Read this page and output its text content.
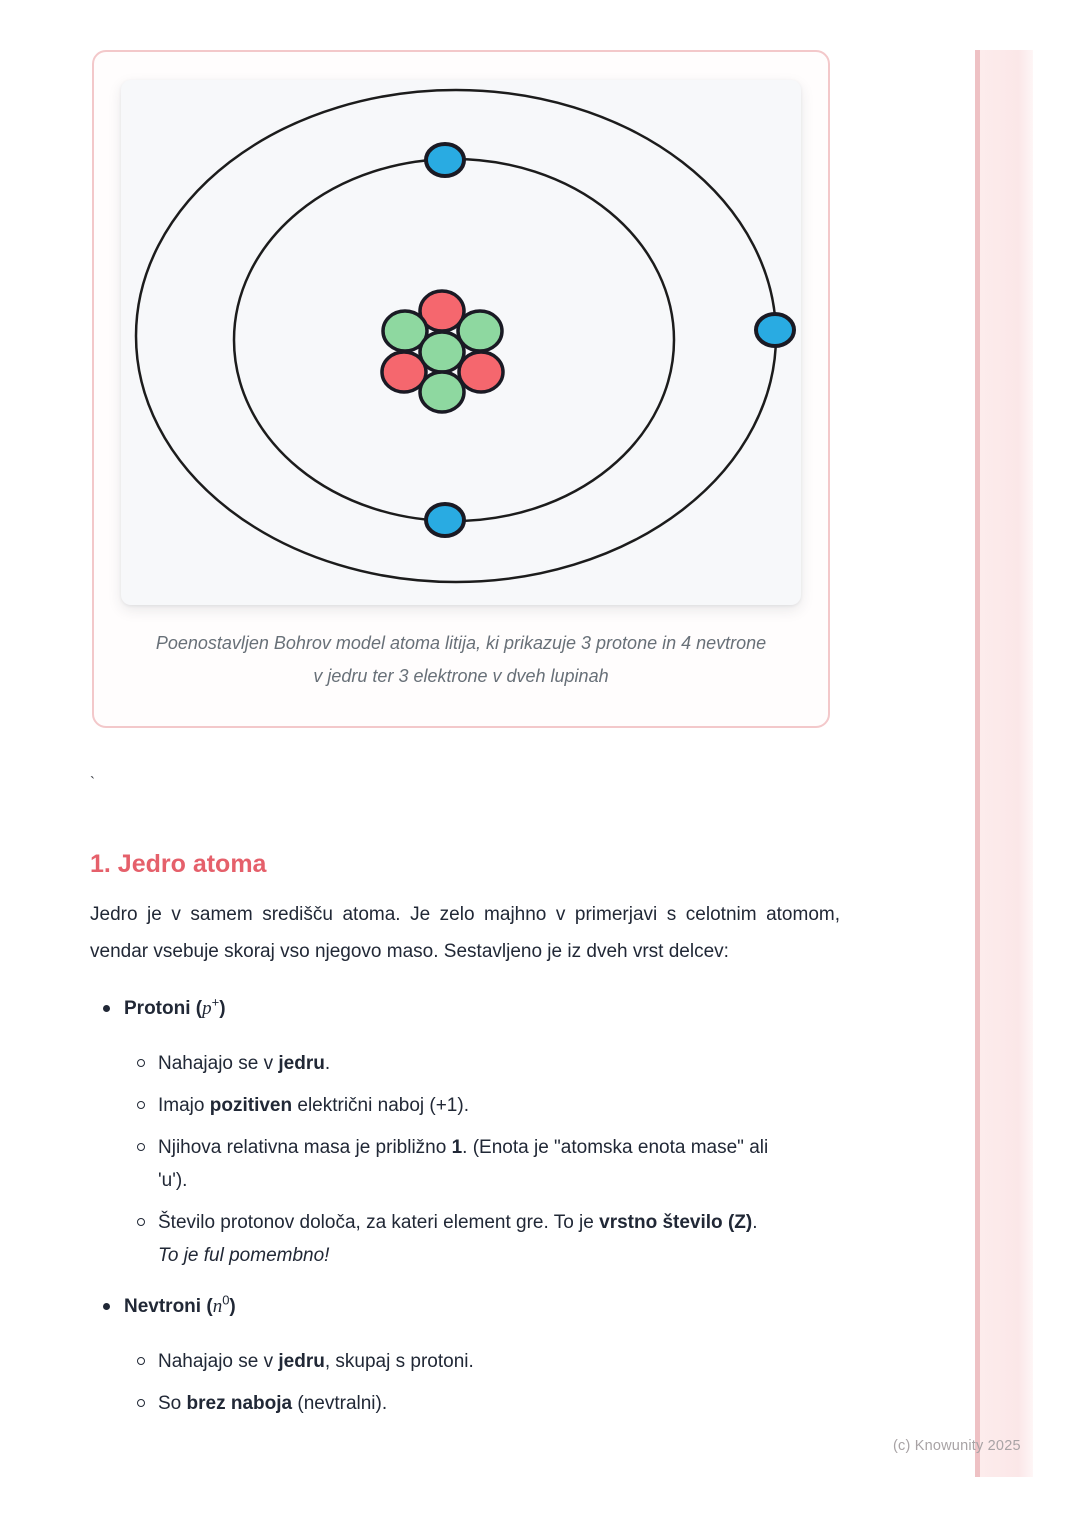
(c) Knowunity 2025
Poenostavljen Bohrov model atoma litija, ki prikazuje 3 protone in 4 nevtrone
v jedru ter 3 elektrone v dveh lupinah
`
1. Jedro atoma

Jedro je v samem središču atoma. Je zelo majhno v primerjavi s celotnim atomom, vendar vsebuje skoraj vso njegovo maso. Sestavljeno je iz dveh vrst delcev:

Protoni (p+)
Nahajajo se v jedru.
Imajo pozitiven električni naboj (+1).
Njihova relativna masa je približno 1. (Enota je "atomska enota mase" ali
'u').
Število protonov določa, za kateri element gre. To je vrstno število (Z).
To je ful pomembno!
Nevtroni $(n^0)$
Nahajajo se v jedru, skupaj s protoni.
So brez naboja (nevtralni).
